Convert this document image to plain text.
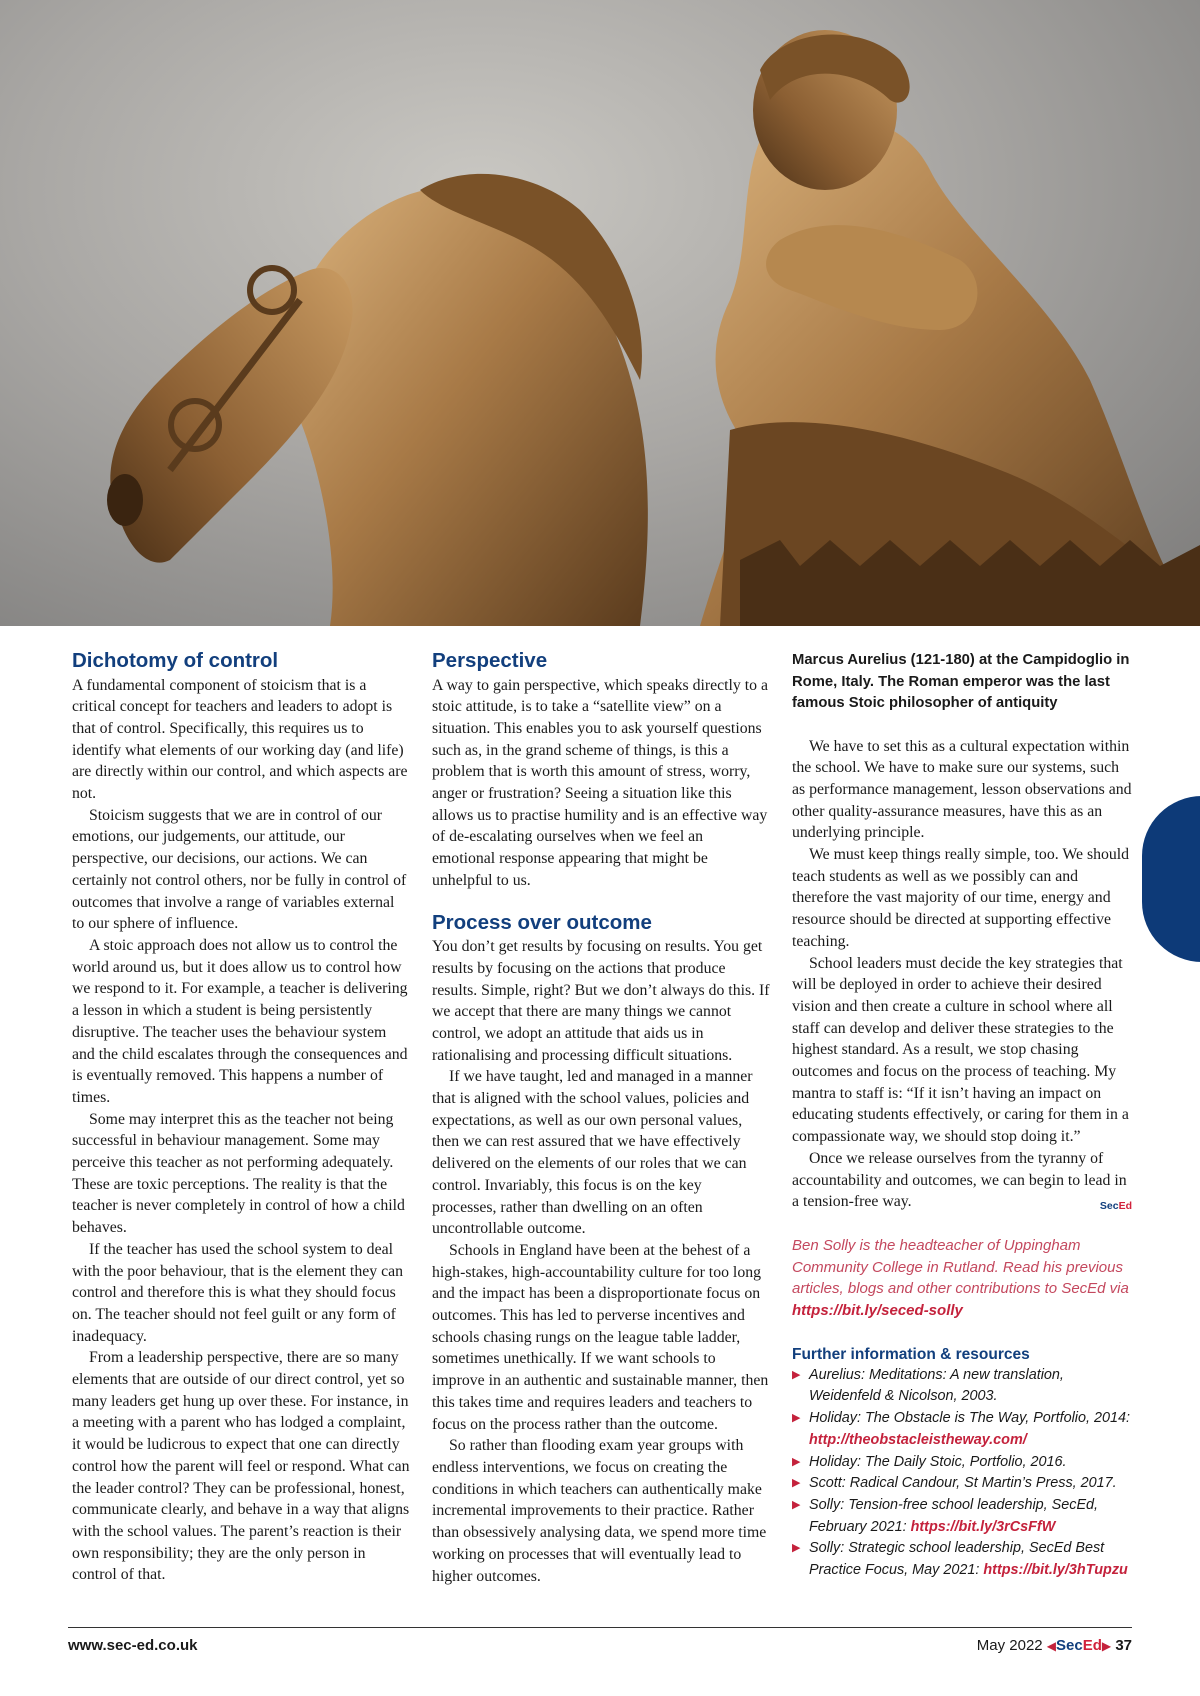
Dichotomy of control

A fundamental component of stoicism that is a critical concept for teachers and leaders to adopt is that of control. Specifically, this requires us to identify what elements of our working day (and life) are directly within our control, and which aspects are not.

Stoicism suggests that we are in control of our emotions, our judgements, our attitude, our perspective, our decisions, our actions. We can certainly not control others, nor be fully in control of outcomes that involve a range of variables external to our sphere of influence.

A stoic approach does not allow us to control the world around us, but it does allow us to control how we respond to it. For example, a teacher is delivering a lesson in which a student is being persistently disruptive. The teacher uses the behaviour system and the child escalates through the consequences and is eventually removed. This happens a number of times.

Some may interpret this as the teacher not being successful in behaviour management. Some may perceive this teacher as not performing adequately. These are toxic perceptions. The reality is that the teacher is never completely in control of how a child behaves.

If the teacher has used the school system to deal with the poor behaviour, that is the element they can control and therefore this is what they should focus on. The teacher should not feel guilt or any form of inadequacy.

From a leadership perspective, there are so many elements that are outside of our direct control, yet so many leaders get hung up over these. For instance, in a meeting with a parent who has lodged a complaint, it would be ludicrous to expect that one can directly control how the parent will feel or respond. What can the leader control? They can be professional, honest, communicate clearly, and behave in a way that aligns with the school values. The parent’s reaction is their own responsibility; they are the only person in control of that.

Perspective

A way to gain perspective, which speaks directly to a stoic attitude, is to take a “satellite view” on a situation. This enables you to ask yourself questions such as, in the grand scheme of things, is this a problem that is worth this amount of stress, worry, anger or frustration? Seeing a situation like this allows us to practise humility and is an effective way of de-escalating ourselves when we feel an emotional response appearing that might be unhelpful to us.

Process over outcome

You don’t get results by focusing on results. You get results by focusing on the actions that produce results. Simple, right? But we don’t always do this. If we accept that there are many things we cannot control, we adopt an attitude that aids us in rationalising and processing difficult situations.

If we have taught, led and managed in a manner that is aligned with the school values, policies and expectations, as well as our own personal values, then we can rest assured that we have effectively delivered on the elements of our roles that we can control. Invariably, this focus is on the key processes, rather than dwelling on an often uncontrollable outcome.

Schools in England have been at the behest of a high-stakes, high-accountability culture for too long and the impact has been a disproportionate focus on outcomes. This has led to perverse incentives and schools chasing rungs on the league table ladder, sometimes unethically. If we want schools to improve in an authentic and sustainable manner, then this takes time and requires leaders and teachers to focus on the process rather than the outcome.

So rather than flooding exam year groups with endless interventions, we focus on creating the conditions in which teachers can authentically make incremental improvements to their practice. Rather than obsessively analysing data, we spend more time working on processes that will eventually lead to higher outcomes.

Marcus Aurelius (121-180) at the Campidoglio in Rome, Italy. The Roman emperor was the last famous Stoic philosopher of antiquity

We have to set this as a cultural expectation within the school. We have to make sure our systems, such as performance management, lesson observations and other quality-assurance measures, have this as an underlying principle.

We must keep things really simple, too. We should teach students as well as we possibly can and therefore the vast majority of our time, energy and resource should be directed at supporting effective teaching.

School leaders must decide the key strategies that will be deployed in order to achieve their desired vision and then create a culture in school where all staff can develop and deliver these strategies to the highest standard. As a result, we stop chasing outcomes and focus on the process of teaching. My mantra to staff is: “If it isn’t having an impact on educating students effectively, or caring for them in a compassionate way, we should stop doing it.”

Once we release ourselves from the tyranny of accountability and outcomes, we can begin to lead in a tension-free way.	SecEd

Ben Solly is the headteacher of Uppingham Community College in Rutland. Read his previous articles, blogs and other contributions to SecEd via https://bit.ly/seced-solly
Further information & resources
▶ Aurelius: Meditations: A new translation, Weidenfeld & Nicolson, 2003.
▶ Holiday: The Obstacle is The Way, Portfolio, 2014: http://theobstacleistheway.com/
▶ Holiday: The Daily Stoic, Portfolio, 2016.
▶ Scott: Radical Candour, St Martin’s Press, 2017.
▶ Solly: Tension-free school leadership, SecEd, February 2021: https://bit.ly/3rCsFfW
▶ Solly: Strategic school leadership, SecEd Best Practice Focus, May 2021: https://bit.ly/3hTupzu
www.sec-ed.co.uk	May 2022 ◀SecEd▶ 37
